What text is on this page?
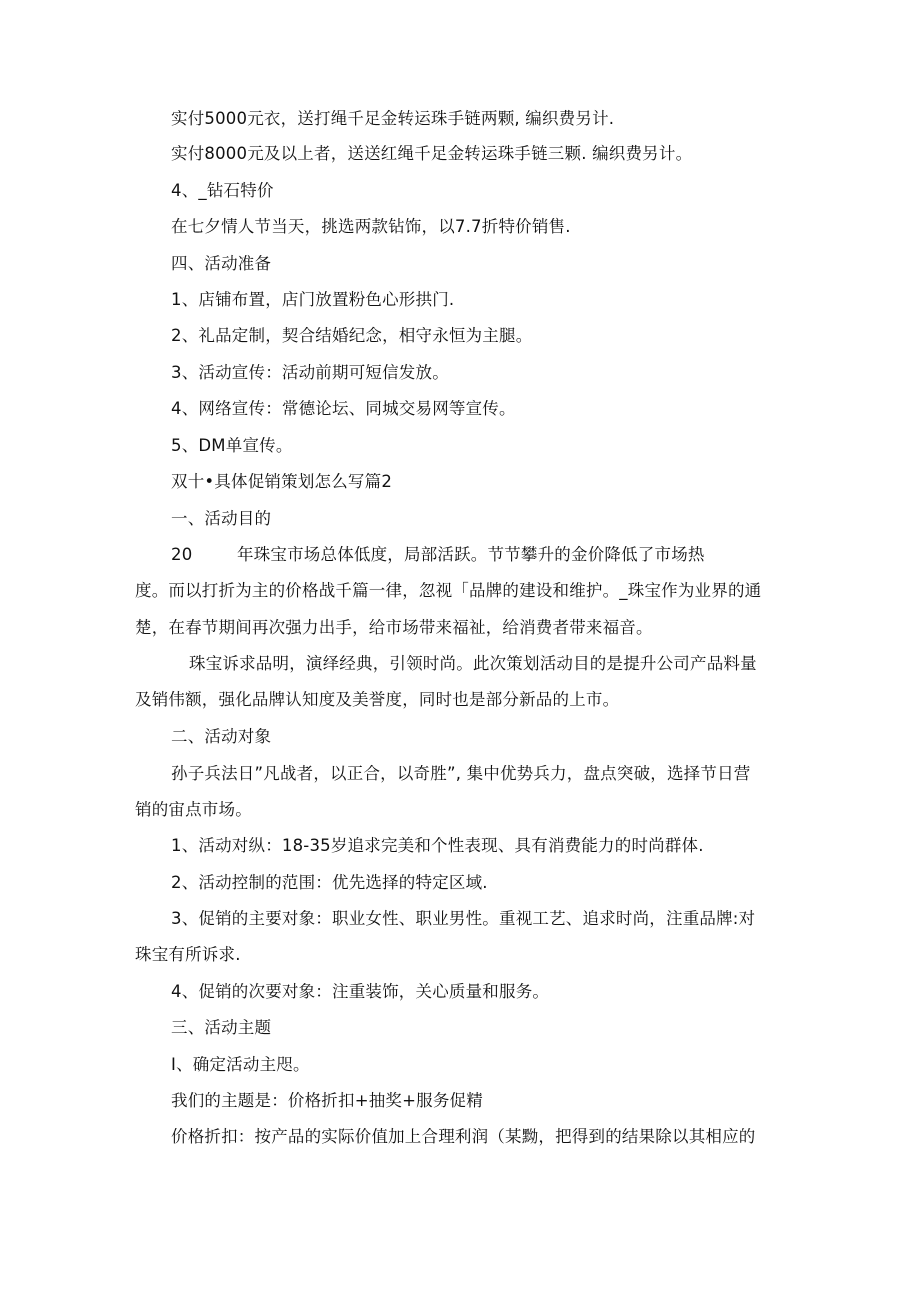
实付5000元衣，送打绳千足金转运珠手链两颗, 编织费另计.
实付8000元及以上者，送送红绳千足金转运珠手链三颗. 编织费另计。
4、_钻石特价
在七夕情人节当天，挑选两款钻饰，以7.7折特价销售.
四、活动准备
1、店铺布置，店门放置粉色心形拱门.
2、礼品定制，契合结婚纪念，相守永恒为主腿。
3、活动宣传：活动前期可短信发放。
4、网络宣传：常德论坛、同城交易网等宣传。
5、DM单宣传。
双十•具体促销策划怎么写篇2
一、活动目的
20	年珠宝市场总体低度，局部活跃。节节攀升的金价降低了市场热
度。而以打折为主的价格战千篇一律，忽视「品牌的建设和维护。_珠宝作为业界的通
楚，在春节期间再次强力出手，给市场带来福祉，给消费者带来福音。
珠宝诉求品明，演绎经典，引领时尚。此次策划活动目的是提升公司产品料量
及销伟额，强化品牌认知度及美誉度，同时也是部分新品的上市。
二、活动对象
孙子兵法日”凡战者，以正合，以奇胜”, 集中优势兵力，盘点突破，选择节日营
销的宙点市场。
1、活动对纵：18-35岁追求完美和个性表现、具有消费能力的时尚群体.
2、活动控制的范围：优先选择的特定区域.
3、促销的主要对象：职业女性、职业男性。重视工艺、追求时尚，注重品牌:对
珠宝有所诉求.
4、促销的次要对象：注重装饰，关心质量和服务。
三、活动主题
I、确定活动主咫。
我们的主题是：价格折扣+抽奖+服务促精
价格折扣：按产品的实际价值加上合理利润（某黝，把得到的结果除以其相应的
